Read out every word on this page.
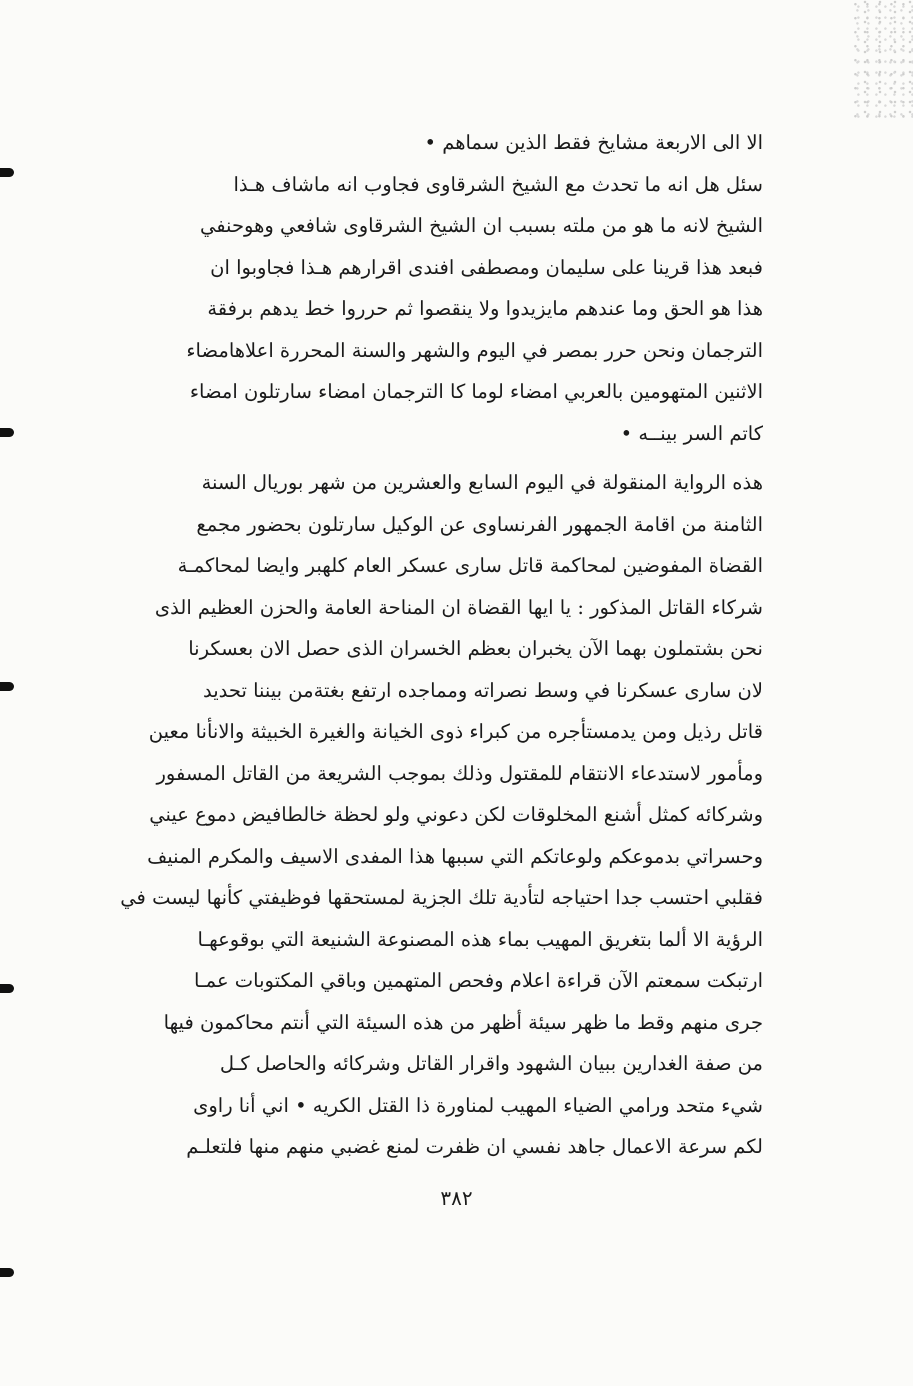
الا الى الاربعة مشايخ فقط الذين سماهم •
سئل هل انه ما تحدث مع الشيخ الشرقاوى فجاوب انه ماشاف هـذا
الشيخ لانه ما هو من ملته بسبب ان الشيخ الشرقاوى شافعي وهوحنفي
فبعد هذا قرينا على سليمان ومصطفى افندى اقرارهم هـذا فجاوبوا ان
هذا هو الحق وما عندهم مايزيدوا ولا ينقصوا ثم حرروا خط يدهم برفقة
الترجمان ونحن حرر بمصر في اليوم والشهر والسنة المحررة اعلاهامضاء
الاثنين المتهومين بالعربي امضاء لوما كا الترجمان امضاء سارتلون امضاء
كاتم السر بينــه •
هذه الرواية المنقولة في اليوم السابع والعشرين من شهر بوريال السنة
الثامنة من اقامة الجمهور الفرنساوى عن الوكيل سارتلون بحضور مجمع
القضاة المفوضين لمحاكمة قاتل سارى عسكر العام كلهبر وايضا لمحاكمـة
شركاء القاتل المذكور : يا ايها القضاة ان المناحة العامة والحزن العظيم الذى
نحن بشتملون بهما الآن يخبران بعظم الخسران الذى حصل الان بعسكرنا
لان سارى عسكرنا في وسط نصراته ومماجده ارتفع بغتةمن بيننا تحديد
قاتل رذيل ومن يدمستأجره من كبراء ذوى الخيانة والغيرة الخبيثة والانأنا معين
ومأمور لاستدعاء الانتقام للمقتول وذلك بموجب الشريعة من القاتل المسفور
وشركائه كمثل أشنع المخلوقات لكن دعوني ولو لحظة خالطافيض دموع عيني
وحسراتي بدموعكم ولوعاتكم التي سببها هذا المفدى الاسيف والمكرم المنيف
فقلبي احتسب جدا احتياجه لتأدية تلك الجزية لمستحقها فوظيفتي كأنها ليست في
الرؤية الا ألما بتغريق المهيب بماء هذه المصنوعة الشنيعة التي بوقوعهـا
ارتبكت سمعتم الآن قراءة اعلام وفحص المتهمين وباقي المكتوبات عمـا
جرى منهم وقط ما ظهر سيئة أظهر من هذه السيئة التي أنتم محاكمون فيها
من صفة الغدارين ببيان الشهود واقرار القاتل وشركائه والحاصل كـل
شيء متحد ورامي الضياء المهيب لمناورة ذا القتل الكريه • اني أنا راوى
لكم سرعة الاعمال جاهد نفسي ان ظفرت لمنع غضبي منهم منها فلتعلـم
٣٨٢
